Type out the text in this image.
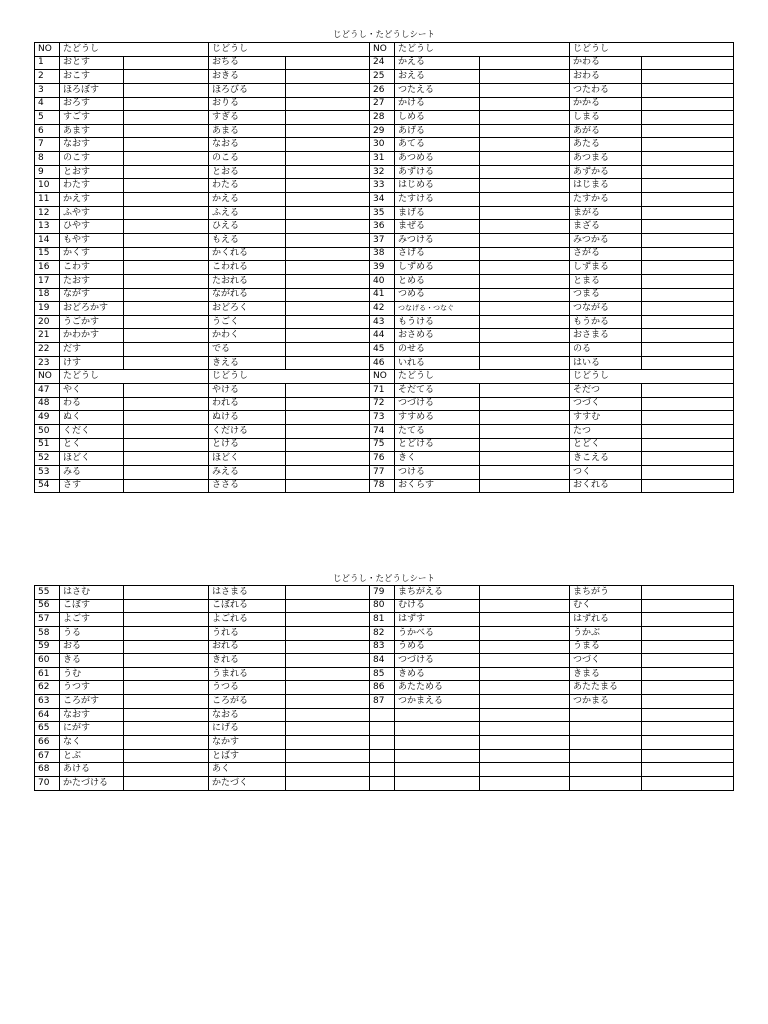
じどうし・たどうしシート
NO	たどうし		じどうし		NO	たどうし		じどうし	
1	おとす		おちる		24	かえる		かわる	
2	おこす		おきる		25	おえる		おわる	
3	ほろぼす		ほろびる		26	つたえる		つたわる	
4	おろす		おりる		27	かける		かかる	
5	すごす		すぎる		28	しめる		しまる	
6	あます		あまる		29	あげる		あがる	
7	なおす		なおる		30	あてる		あたる	
8	のこす		のこる		31	あつめる		あつまる	
9	とおす		とおる		32	あずける		あずかる	
10	わたす		わたる		33	はじめる		はじまる	
11	かえす		かえる		34	たすける		たすかる	
12	ふやす		ふえる		35	まげる		まがる	
13	ひやす		ひえる		36	まぜる		まざる	
14	もやす		もえる		37	みつける		みつかる	
15	かくす		かくれる		38	さげる		さがる	
16	こわす		こわれる		39	しずめる		しずまる	
17	たおす		たおれる		40	とめる		とまる	
18	ながす		ながれる		41	つめる		つまる	
19	おどろかす		おどろく		42	つなげる・つなぐ		つながる	
20	うごかす		うごく		43	もうける		もうかる	
21	かわかす		かわく		44	おさめる		おさまる	
22	だす		でる		45	のせる		のる	
23	けす		きえる		46	いれる		はいる	
NO	たどうし		じどうし		NO	たどうし		じどうし	
47	やく		やける		71	そだてる		そだつ	
48	わる		われる		72	つづける		つづく	
49	ぬく		ぬける		73	すすめる		すすむ	
50	くだく		くだける		74	たてる		たつ	
51	とく		とける		75	とどける		とどく	
52	ほどく		ほどく		76	きく		きこえる	
53	みる		みえる		77	つける		つく	
54	さす		ささる		78	おくらす		おくれる	
じどうし・たどうしシート
55	はさむ		はさまる		79	まちがえる		まちがう	
56	こぼす		こぼれる		80	むける		むく	
57	よごす		よごれる		81	はずす		はずれる	
58	うる		うれる		82	うかべる		うかぶ	
59	おる		おれる		83	うめる		うまる	
60	きる		きれる		84	つづける		つづく	
61	うむ		うまれる		85	きめる		きまる	
62	うつす		うつる		86	あたためる		あたたまる	
63	ころがす		ころがる		87	つかまえる		つかまる	
64	なおす		なおる						
65	にがす		にげる						
66	なく		なかす						
67	とぶ		とばす						
68	あける		あく						
70	かたづける		かたづく						
